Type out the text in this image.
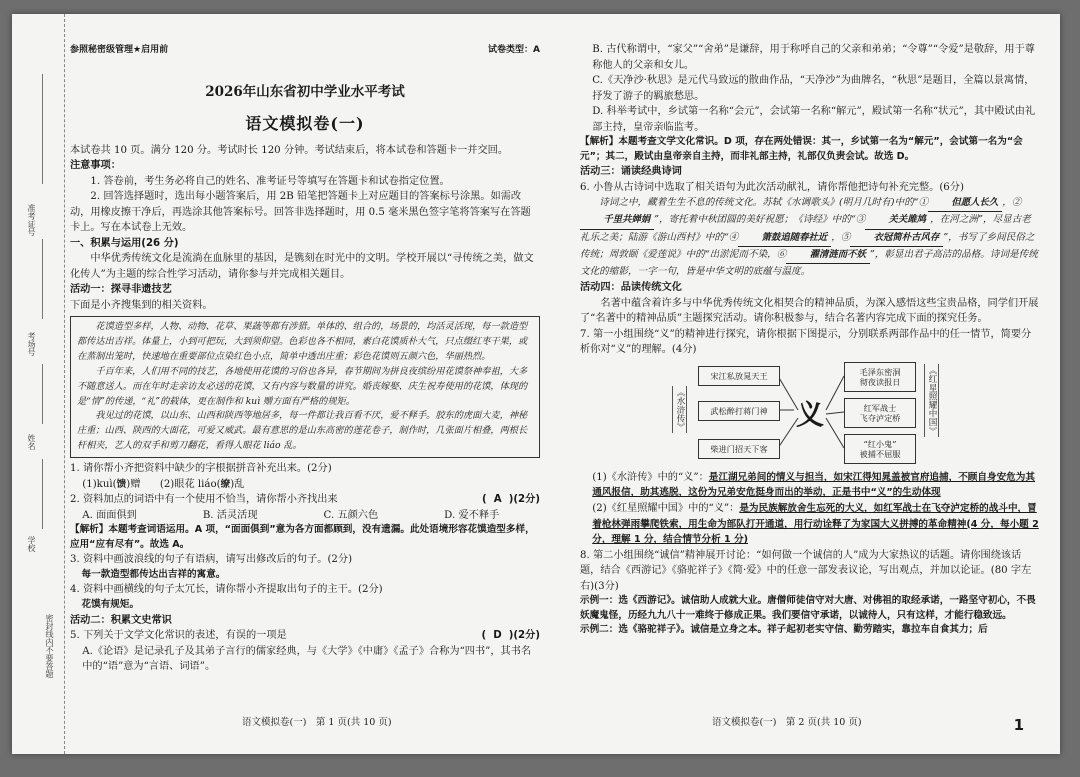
准考证号
考场号
姓名
学校
密封线内不要答题
参照秘密级管理★启用前	试卷类型：A
2026年山东省初中学业水平考试
语文模拟卷(一)

本试卷共 10 页。满分 120 分。考试时长 120 分钟。考试结束后，将本试卷和答题卡一并交回。

注意事项：

1. 答卷前，考生务必将自己的姓名、准考证号等填写在答题卡和试卷指定位置。

2. 回答选择题时，选出每小题答案后，用 2B 铅笔把答题卡上对应题目的答案标号涂黑。如需改动，用橡皮擦干净后，再选涂其他答案标号。回答非选择题时，用 0.5 毫米黑色签字笔将答案写在答题卡上。写在本试卷上无效。

一、积累与运用(26 分)

中华优秀传统文化是流淌在血脉里的基因，是镌刻在时光中的文明。学校开展以“寻传统之美，做文化传人”为主题的综合性学习活动，请你参与并完成相关题目。

活动一：探寻非遗技艺

下面是小齐搜集到的相关资料。

花馍造型多样，人物、动物、花草、果蔬等都有涉猎。单体的、组合的，场景的，均活灵活现，每一款造型都传达出吉祥。体量上，小到可把玩，大到须仰望。色彩也各不相同，素白花馍质朴大气，只点缀红枣干果，或在蒸制出笼时，快速地在重要部位点染红色小点，简单中透出庄重；彩色花馍则五颜六色，华丽热烈。

千百年来，人们用不同的技艺，各地使用花馍的习俗也各异，春节期间为拼良夜缤纷用花馍祭神奉祖，大多不随意送人。而在年时走亲访友必送的花馍，又有内容与数量的讲究。婚丧嫁娶、庆生祝寿使用的花馍，体现的是“情”的传递，“礼”的载体，更在制作和 kuì 赠方面有严格的规矩。

我见过的花馍，以山东、山西和陕西等地居多，每一件都让我百看不厌，爱不释手。胶东的虎面大麦，神秘庄重；山西、陕西的大面花，可爱又威武。最有意思的是山东高密的莲花卷子，制作时，几张面片相叠，两根长杆相夹，艺人的双手和剪刀翻花，看得人眼花 liáo 乱。

1. 请你帮小齐把资料中缺少的字根据拼音补充出来。(2分)

(1)kuì(馈)赠 (2)眼花 liáo(缭)乱

2. 资料加点的词语中有一个使用不恰当，请你帮小齐找出来	(  A  )(2分)

A. 面面俱到	B. 活灵活现	C. 五颜六色	D. 爱不释手

【解析】本题考查词语运用。A 项，“面面俱到”意为各方面都顾到，没有遗漏。此处语境形容花馍造型多样，应用“应有尽有”。故选 A。

3. 资料中画波浪线的句子有语病，请写出修改后的句子。(2分)

每一款造型都传达出吉祥的寓意。

4. 资料中画横线的句子太冗长，请你帮小齐提取出句子的主干。(2分)

花馍有规矩。

活动二：积累文史常识

5. 下列关于文学文化常识的表述，有误的一项是	(  D  )(2分)

A.《论语》是记录孔子及其弟子言行的儒家经典，与《大学》《中庸》《孟子》合称为“四书”，其书名中的“语”意为“言语、词语”。

B. 古代称谓中，“家父”“舍弟”是谦辞，用于称呼自己的父亲和弟弟；“令尊”“令爱”是敬辞，用于尊称他人的父亲和女儿。

C.《天净沙·秋思》是元代马致远的散曲作品，“天净沙”为曲牌名，“秋思”是题目，全篇以景寓情，抒发了游子的羁旅愁思。

D. 科举考试中，乡试第一名称“会元”，会试第一名称“解元”，殿试第一名称“状元”，其中殿试由礼部主持，皇帝亲临监考。

【解析】本题考查文学文化常识。D 项，存在两处错误：其一，乡试第一名为“解元”，会试第一名为“会元”；其二，殿试由皇帝亲自主持，而非礼部主持，礼部仅负责会试。故选 D。

活动三：诵读经典诗词

6. 小鲁从古诗词中选取了相关语句为此次活动献礼，请你帮他把诗句补充完整。(6分)

诗词之中，藏着生生不息的传统文化。苏轼《水调歌头》(明月几时有)中的“① 但愿人长久 ，②千里共婵娟 ”，寄托着中秋团圆的美好祝愿；《诗经》中的“③ 关关雎鸠 ，在河之洲”，尽显古老礼乐之美；陆游《游山西村》中的“④ 箫鼓追随春社近 ，⑤ 衣冠简朴古风存 ”，书写了乡间民俗之传统；周敦颐《爱莲说》中的“出淤泥而不染，⑥ 濯清涟而不妖 ”，彰显出君子高洁的品格。诗词是传统文化的缩影，一字一句，皆是中华文明的底蕴与温度。

活动四：品读传统文化

名著中蕴含着许多与中华优秀传统文化相契合的精神品质，为深入感悟这些宝贵品格，同学们开展了“名著中的精神品质”主题探究活动。请你积极参与，结合名著内容完成下面的探究任务。

7. 第一小组围绕“义”的精神进行探究，请你根据下图提示，分别联系两部作品中的任一情节，简要分析你对“义”的理解。(4分)

《水浒传》
宋江私放晁天王
武松醉打蒋门神
柴进门招天下客
义
毛泽东密洞
彻夜读报日
红军战士
飞夺泸定桥
“红小鬼”
被捕不屈服
《红星照耀中国》

(1)《水浒传》中的“义”：是江湖兄弟间的情义与担当，如宋江得知晁盖被官府追捕，不顾自身安危为其通风报信，助其逃脱，这份为兄弟安危挺身而出的举动，正是书中“义”的生动体现

(2)《红星照耀中国》中的“义”：是为民族解放舍生忘死的大义，如红军战士在飞夺泸定桥的战斗中，冒着枪林弹雨攀爬铁索，用生命为部队打开通道，用行动诠释了为家国大义拼搏的革命精神(4 分，每小题 2 分，理解 1 分，结合情节分析 1 分)

8. 第二小组围绕“诚信”精神展开讨论：“如何做一个诚信的人”成为大家热议的话题。请你围绕该话题，结合《西游记》《骆驼祥子》《简·爱》中的任意一部发表议论，写出观点，并加以论证。(80 字左右)(3分)

示例一：选《西游记》。诚信助人成就大业。唐僧师徒信守对大唐、对佛祖的取经承诺，一路坚守初心，不畏妖魔鬼怪，历经九九八十一难终于修成正果。我们要信守承诺，以诚待人，只有这样，才能行稳致远。

示例二：选《骆驼祥子》。诚信是立身之本。祥子起初老实守信、勤劳踏实，靠拉车自食其力；后

语文模拟卷(一)　第 1 页(共 10 页)	语文模拟卷(一)　第 2 页(共 10 页)	1
